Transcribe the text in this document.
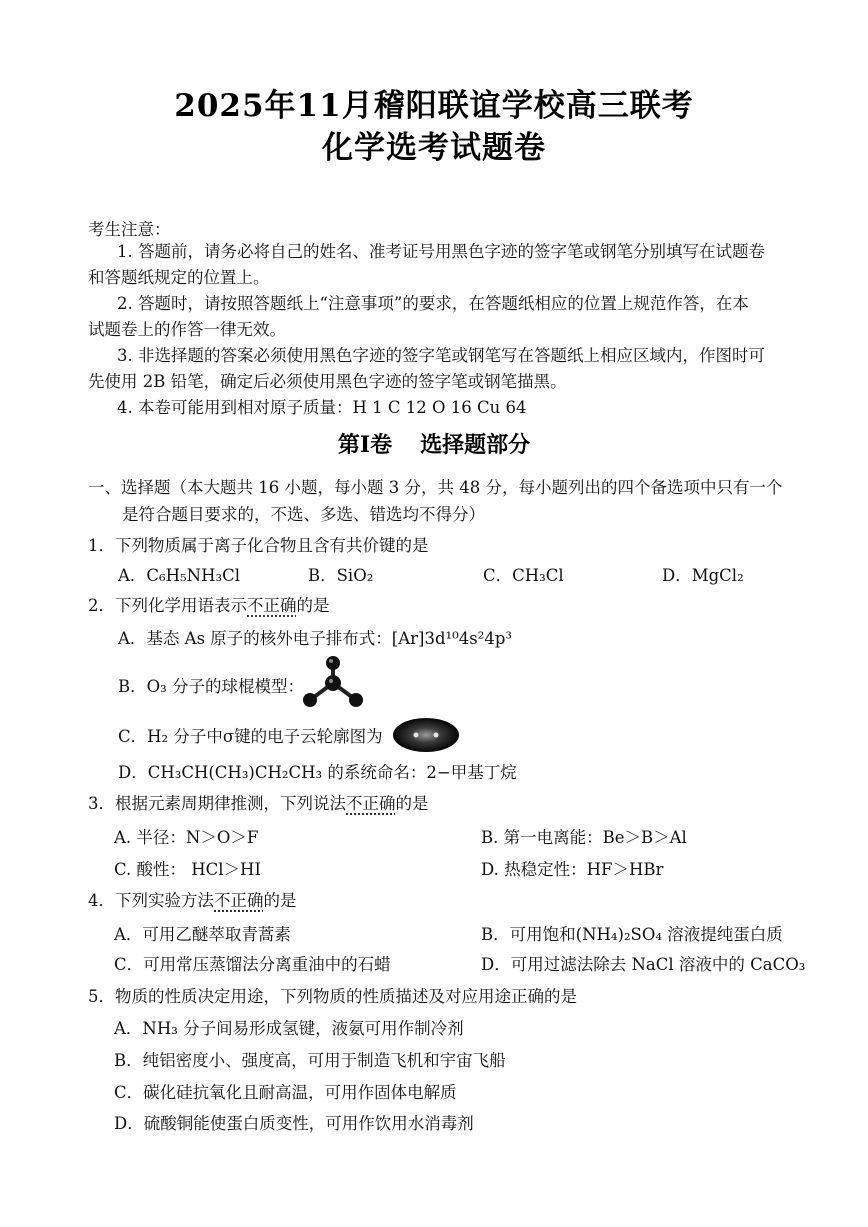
2025年11月稽阳联谊学校高三联考
化学选考试题卷
考生注意：
1. 答题前，请务必将自己的姓名、准考证号用黑色字迹的签字笔或钢笔分别填写在试题卷
和答题纸规定的位置上。
2. 答题时，请按照答题纸上“注意事项”的要求，在答题纸相应的位置上规范作答，在本
试题卷上的作答一律无效。
3. 非选择题的答案必须使用黑色字迹的签字笔或钢笔写在答题纸上相应区域内，作图时可
先使用 2B 铅笔，确定后必须使用黑色字迹的签字笔或钢笔描黑。
4. 本卷可能用到相对原子质量：H 1 C 12 O 16 Cu 64
第Ⅰ卷 选择题部分
一、选择题（本大题共 16 小题，每小题 3 分，共 48 分，每小题列出的四个备选项中只有一个
是符合题目要求的，不选、多选、错选均不得分）
1．下列物质属于离子化合物且含有共价键的是
A．C₆H₅NH₃Cl	B．SiO₂	C．CH₃Cl	D．MgCl₂
2．下列化学用语表示不正确的是
A．基态 As 原子的核外电子排布式：[Ar]3d¹⁰4s²4p³
B．O₃ 分子的球棍模型：
C．H₂ 分子中σ键的电子云轮廓图为
D．CH₃CH(CH₃)CH₂CH₃ 的系统命名：2−甲基丁烷
3．根据元素周期律推测，下列说法不正确的是
A. 半径：N＞O＞F	B. 第一电离能：Be＞B＞Al
C. 酸性： HCl＞HI	D. 热稳定性：HF＞HBr
4．下列实验方法不正确的是
A．可用乙醚萃取青蒿素	B．可用饱和(NH₄)₂SO₄ 溶液提纯蛋白质
C．可用常压蒸馏法分离重油中的石蜡	D．可用过滤法除去 NaCl 溶液中的 CaCO₃
5．物质的性质决定用途，下列物质的性质描述及对应用途正确的是
A．NH₃ 分子间易形成氢键，液氨可用作制冷剂
B．纯铝密度小、强度高，可用于制造飞机和宇宙飞船
C．碳化硅抗氧化且耐高温，可用作固体电解质
D．硫酸铜能使蛋白质变性，可用作饮用水消毒剂
